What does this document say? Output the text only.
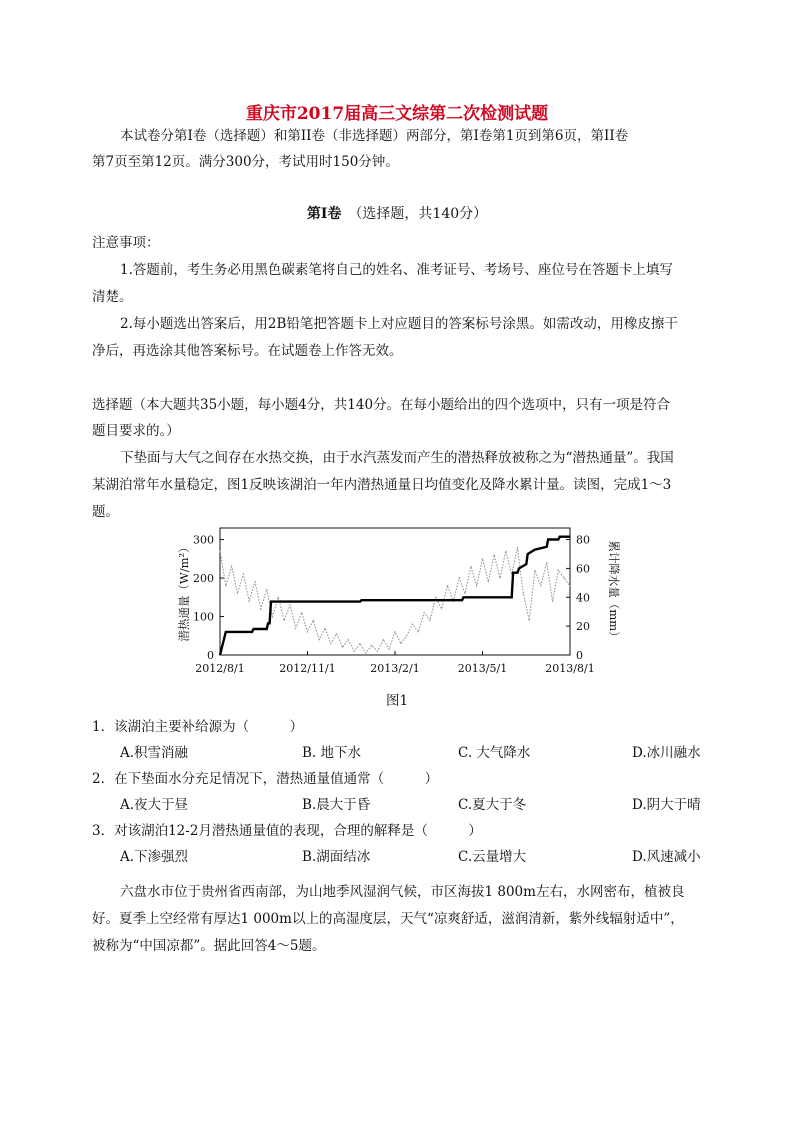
重庆市2017届高三文综第二次检测试题
本试卷分第Ⅰ卷（选择题）和第II卷（非选择题）两部分，第Ⅰ卷第1页到第6页，第II卷
第7页至第12页。满分300分，考试用时150分钟。
第Ⅰ卷　 （选择题，共140分）
注意事项：
1.答题前，考生务必用黑色碳素笔将自己的姓名、准考证号、考场号、座位号在答题卡上填写
清楚。
2.每小题选出答案后，用2B铅笔把答题卡上对应题目的答案标号涂黑。如需改动，用橡皮擦干
净后，再选涂其他答案标号。在试题卷上作答无效。
选择题（本大题共35小题，每小题4分，共140分。在每小题给出的四个选项中，只有一项是符合
题目要求的。）
下垫面与大气之间存在水热交换，由于水汽蒸发而产生的潜热释放被称之为“潜热通量”。我国
某湖泊常年水量稳定，图1反映该湖泊一年内潜热通量日均值变化及降水累计量。读图，完成1～3
题。
0
100
200
300
0
20
40
60
80
2012/8/1	2012/11/1	2013/2/1	2013/5/1	2013/8/1
潜热通量（W/m²）	累计降水量（mm）
图1
1．该湖泊主要补给源为（　　　）
A.积雪消融	B. 地下水	C. 大气降水	D.冰川融水
2．在下垫面水分充足情况下，潜热通量值通常（　　　）
A.夜大于昼	B.晨大于昏	C.夏大于冬	D.阴大于晴
3．对该湖泊12-2月潜热通量值的表现，合理的解释是（　　　）
A.下渗强烈	B.湖面结冰	C.云量增大	D.风速减小
六盘水市位于贵州省西南部，为山地季风湿润气候，市区海拔1 800m左右，水网密布，植被良
好。夏季上空经常有厚达1 000m以上的高湿度层，天气“凉爽舒适，滋润清新，紫外线辐射适中”，
被称为“中国凉都”。据此回答4～5题。
